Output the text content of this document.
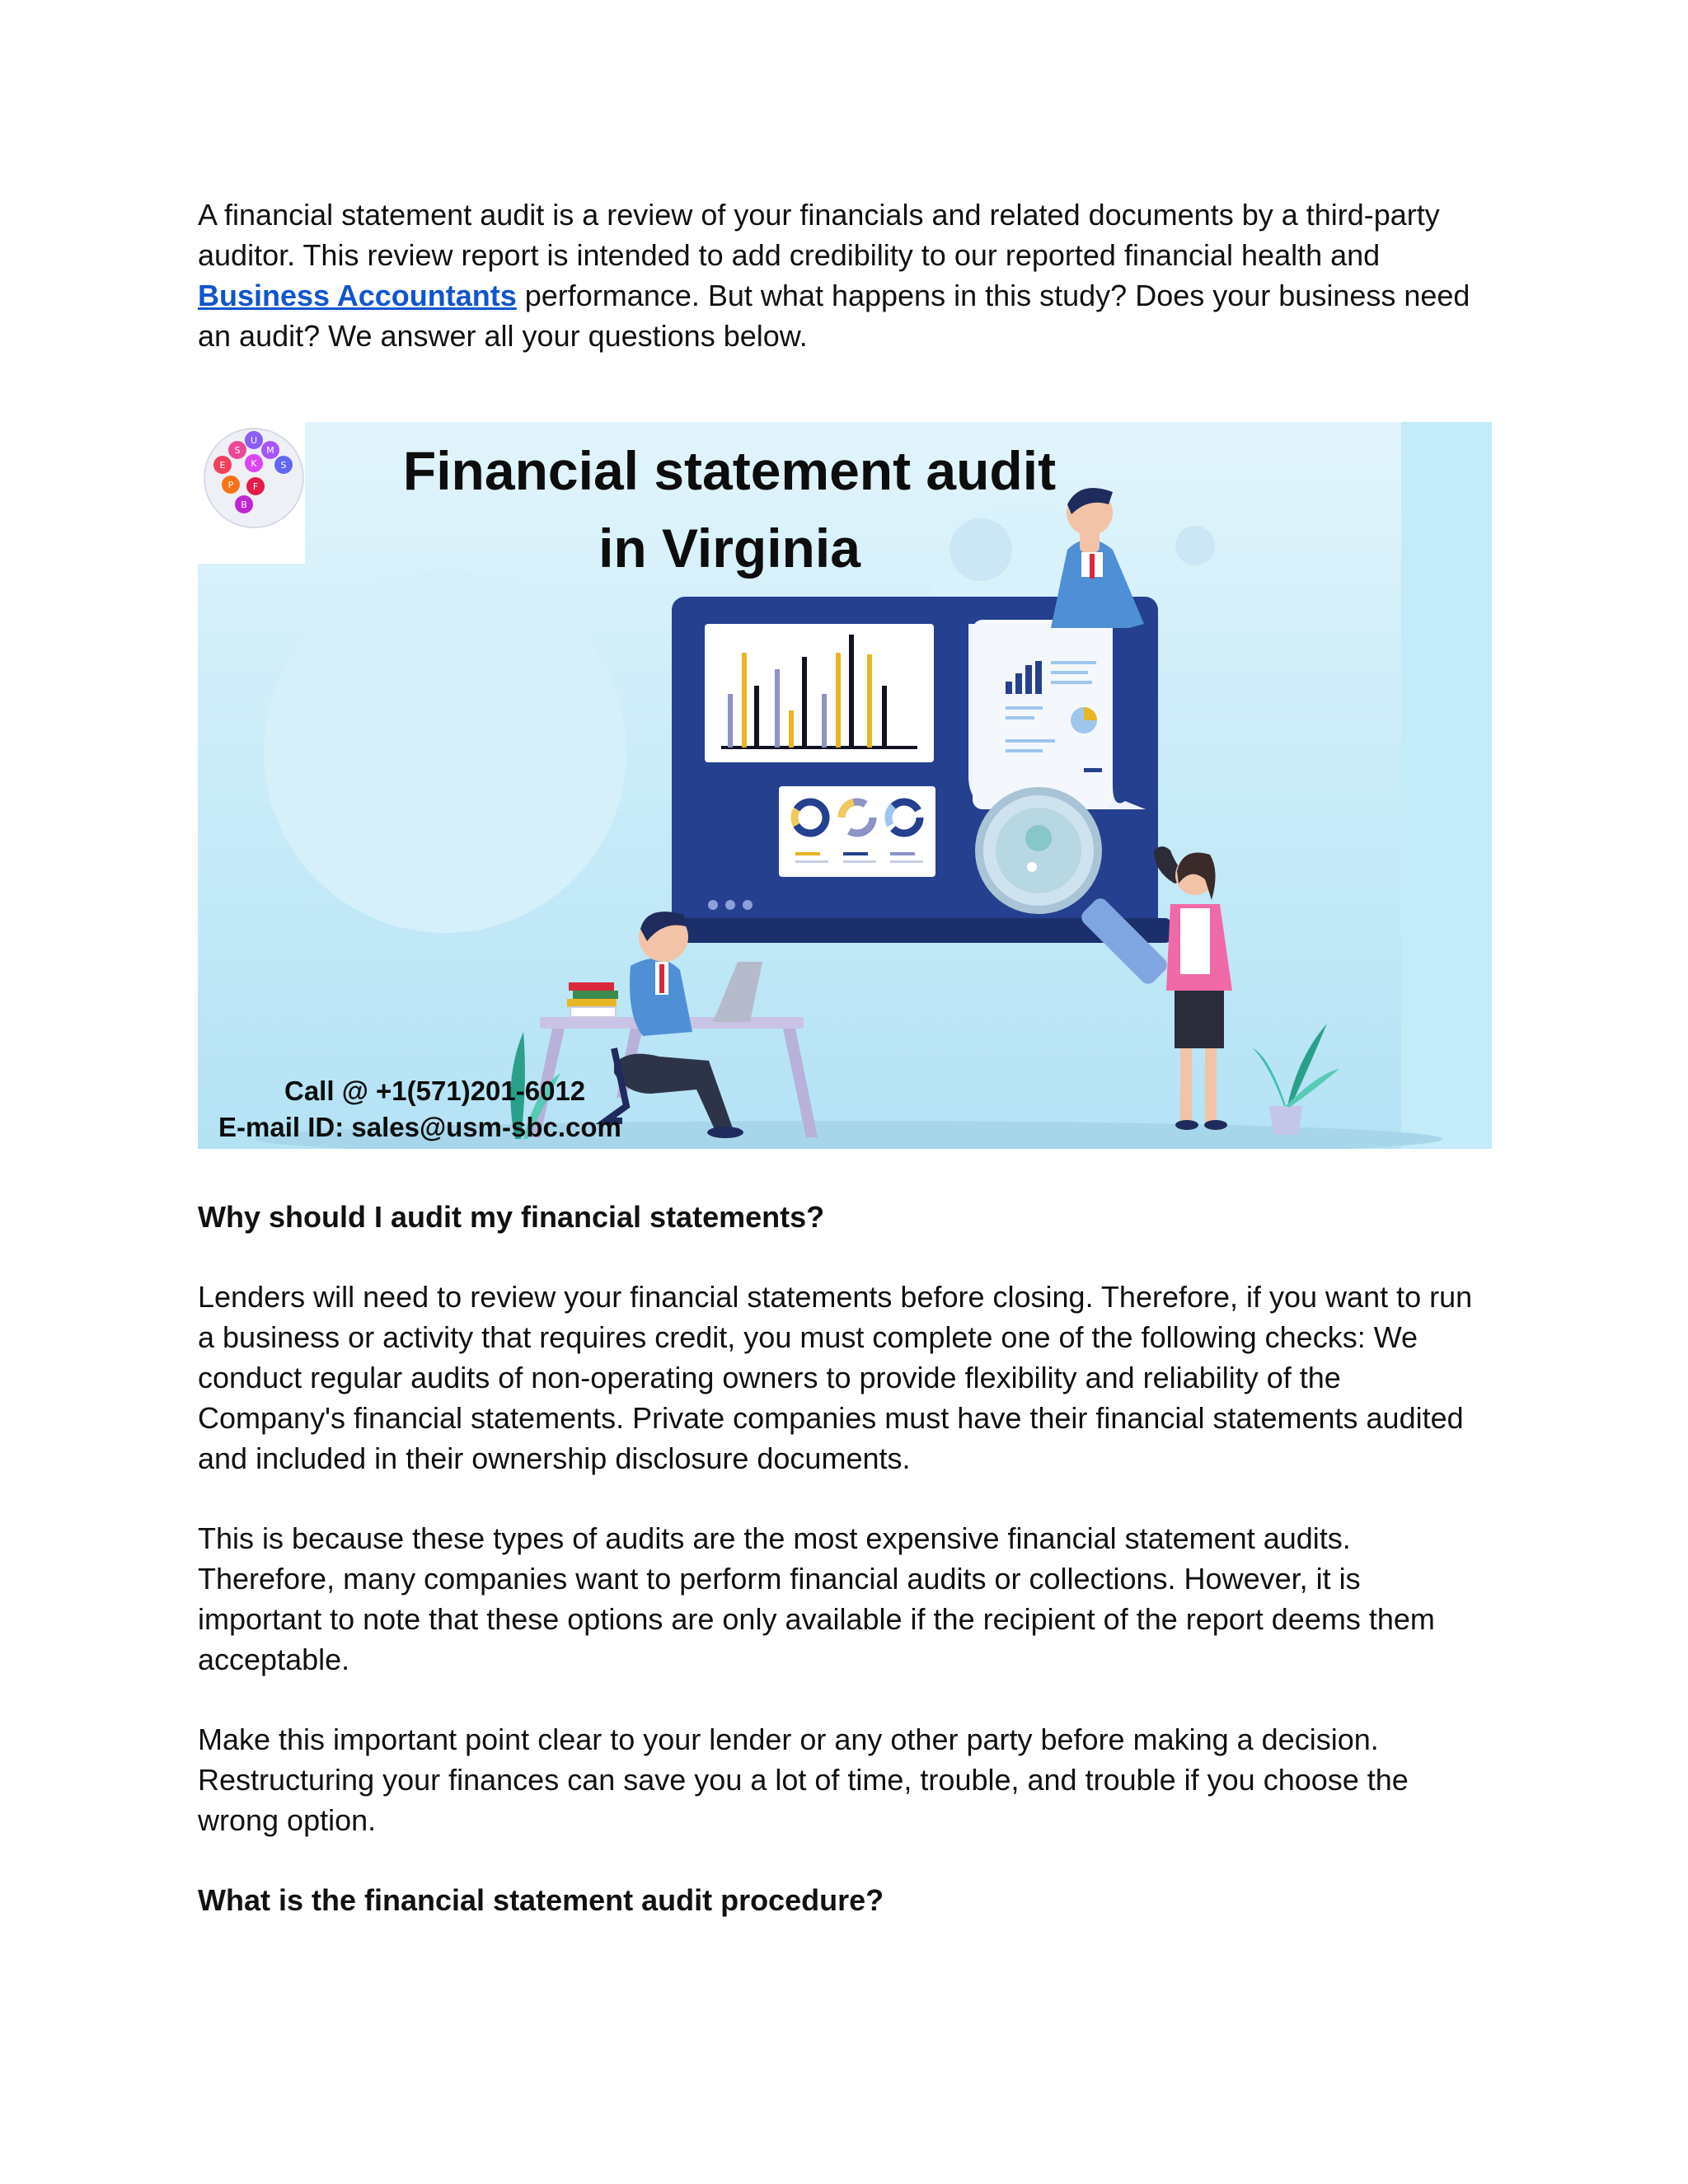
A financial statement audit is a review of your financials and related documents by a third-party auditor. This review report is intended to add credibility to our reported financial health and Business Accountants performance. But what happens in this study? Does your business need an audit? We answer all your questions below.

U
S	M
E	K	S
P F
B
Financial statement audit in Virginia
Call @ +1(571)201-6012
E-mail ID: sales@usm-sbc.com
Why should I audit my financial statements?

Lenders will need to review your financial statements before closing. Therefore, if you want to run a business or activity that requires credit, you must complete one of the following checks: We conduct regular audits of non-operating owners to provide flexibility and reliability of the Company's financial statements. Private companies must have their financial statements audited and included in their ownership disclosure documents.

This is because these types of audits are the most expensive financial statement audits. Therefore, many companies want to perform financial audits or collections. However, it is important to note that these options are only available if the recipient of the report deems them acceptable.

Make this important point clear to your lender or any other party before making a decision. Restructuring your finances can save you a lot of time, trouble, and trouble if you choose the wrong option.

What is the financial statement audit procedure?
